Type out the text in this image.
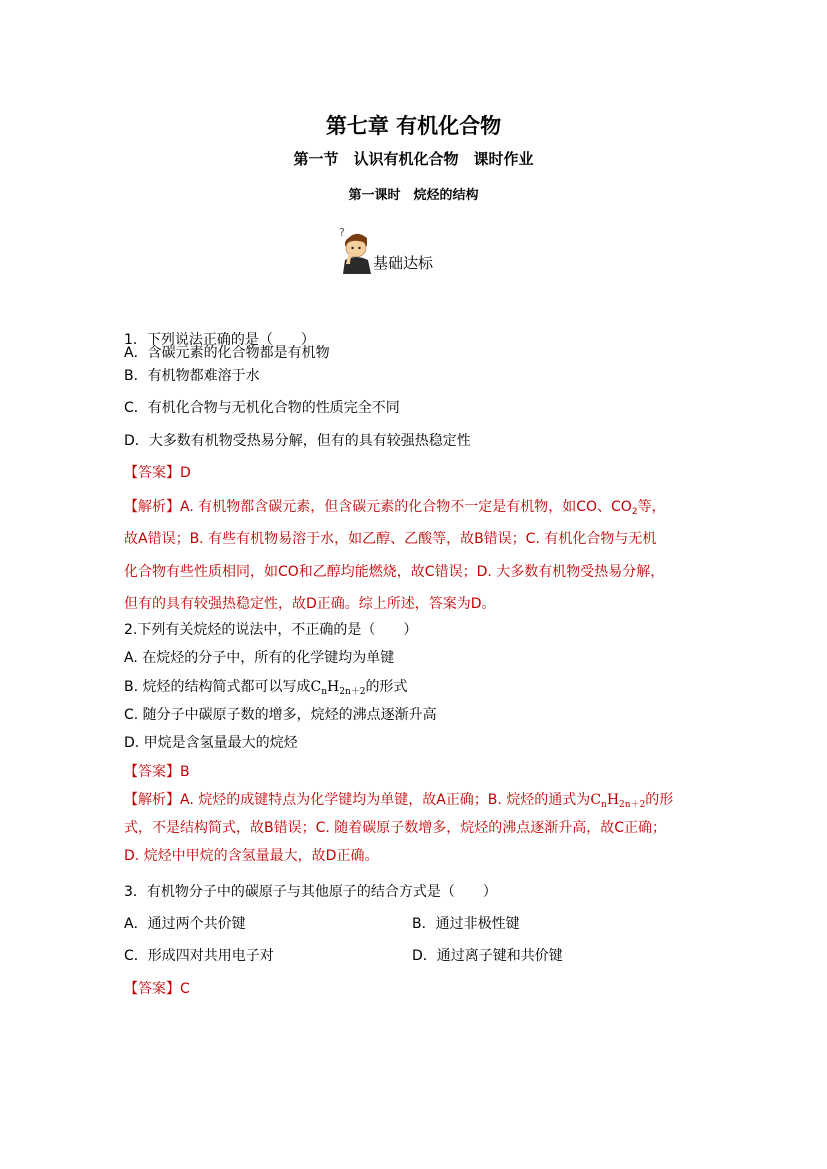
第七章 有机化合物
第一节　认识有机化合物　课时作业
第一课时　烷烃的结构
?
基础达标
1．下列说法正确的是（　　）
A．含碳元素的化合物都是有机物
B．有机物都难溶于水
C．有机化合物与无机化合物的性质完全不同
D．大多数有机物受热易分解，但有的具有较强热稳定性
【答案】D
【解析】A. 有机物都含碳元素，但含碳元素的化合物不一定是有机物，如CO、$CO_2$等，
故A错误；B. 有些有机物易溶于水，如乙醇、乙酸等，故B错误；C. 有机化合物与无机
化合物有些性质相同，如CO和乙醇均能燃烧，故C错误；D. 大多数有机物受热易分解，
但有的具有较强热稳定性，故D正确。综上所述，答案为D。
2.下列有关烷烃的说法中，不正确的是（　　）
A. 在烷烃的分子中，所有的化学键均为单键
B. 烷烃的结构简式都可以写成$C_nH_{2n+2}$的形式
C. 随分子中碳原子数的增多，烷烃的沸点逐渐升高
D. 甲烷是含氢量最大的烷烃
【答案】B
【解析】A. 烷烃的成键特点为化学键均为单键，故A正确；B. 烷烃的通式为$C_nH_{2n+2}$的形
式，不是结构简式，故B错误；C. 随着碳原子数增多，烷烃的沸点逐渐升高，故C正确；
D. 烷烃中甲烷的含氢量最大，故D正确。
3．有机物分子中的碳原子与其他原子的结合方式是（　　）
A．通过两个共价键	B．通过非极性键
C．形成四对共用电子对	D．通过离子键和共价键
【答案】C
